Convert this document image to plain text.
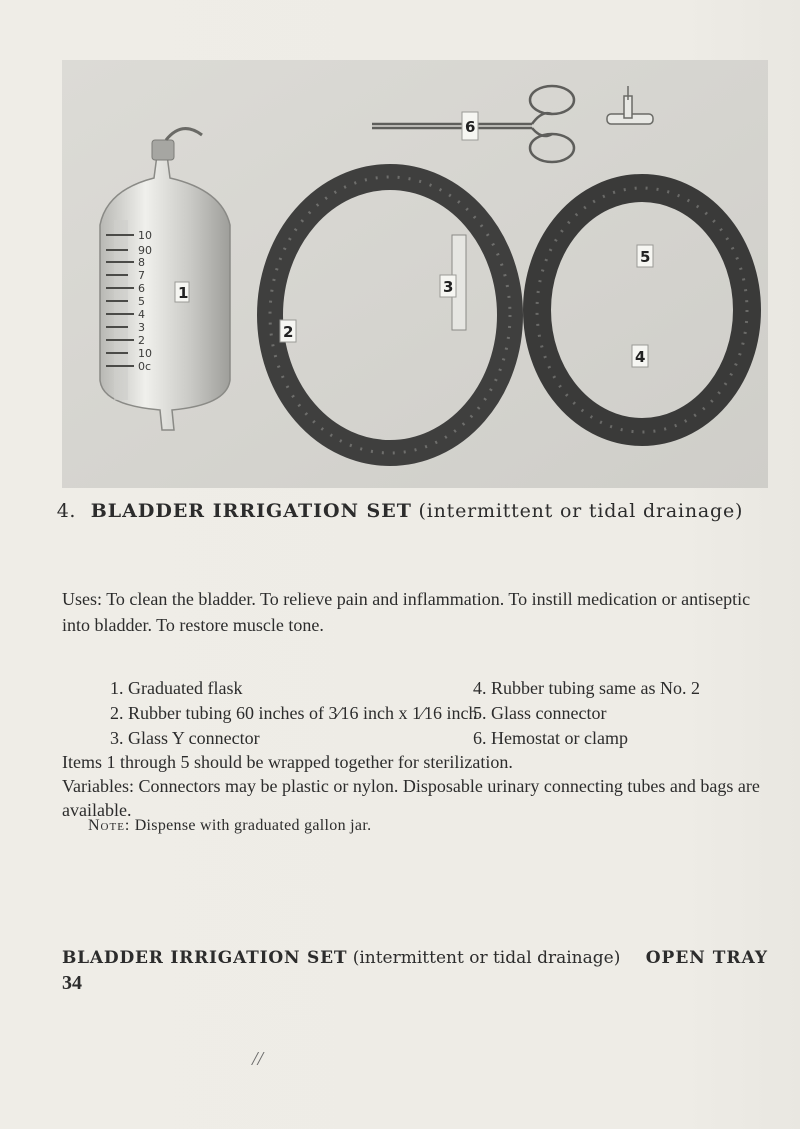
10
90
8
7
6
5
4
3
2
10
0c
1
6
3
2
5
4
4. BLADDER IRRIGATION SET (intermittent or tidal drainage)
Uses: To clean the bladder. To relieve pain and inflammation. To instill medication or antiseptic into bladder. To restore muscle tone.
1. Graduated flask	4. Rubber tubing same as No. 2
2. Rubber tubing 60 inches of 3⁄16 inch x 1⁄16 inch
5. Glass connector
3. Glass Y connector	6. Hemostat or clamp

Items 1 through 5 should be wrapped together for sterilization.

Variables: Connectors may be plastic or nylon. Disposable urinary connecting tubes and bags are available.

Note: Dispense with graduated gallon jar.
BLADDER IRRIGATION SET (intermittent or tidal drainage) OPEN TRAY
34
//
